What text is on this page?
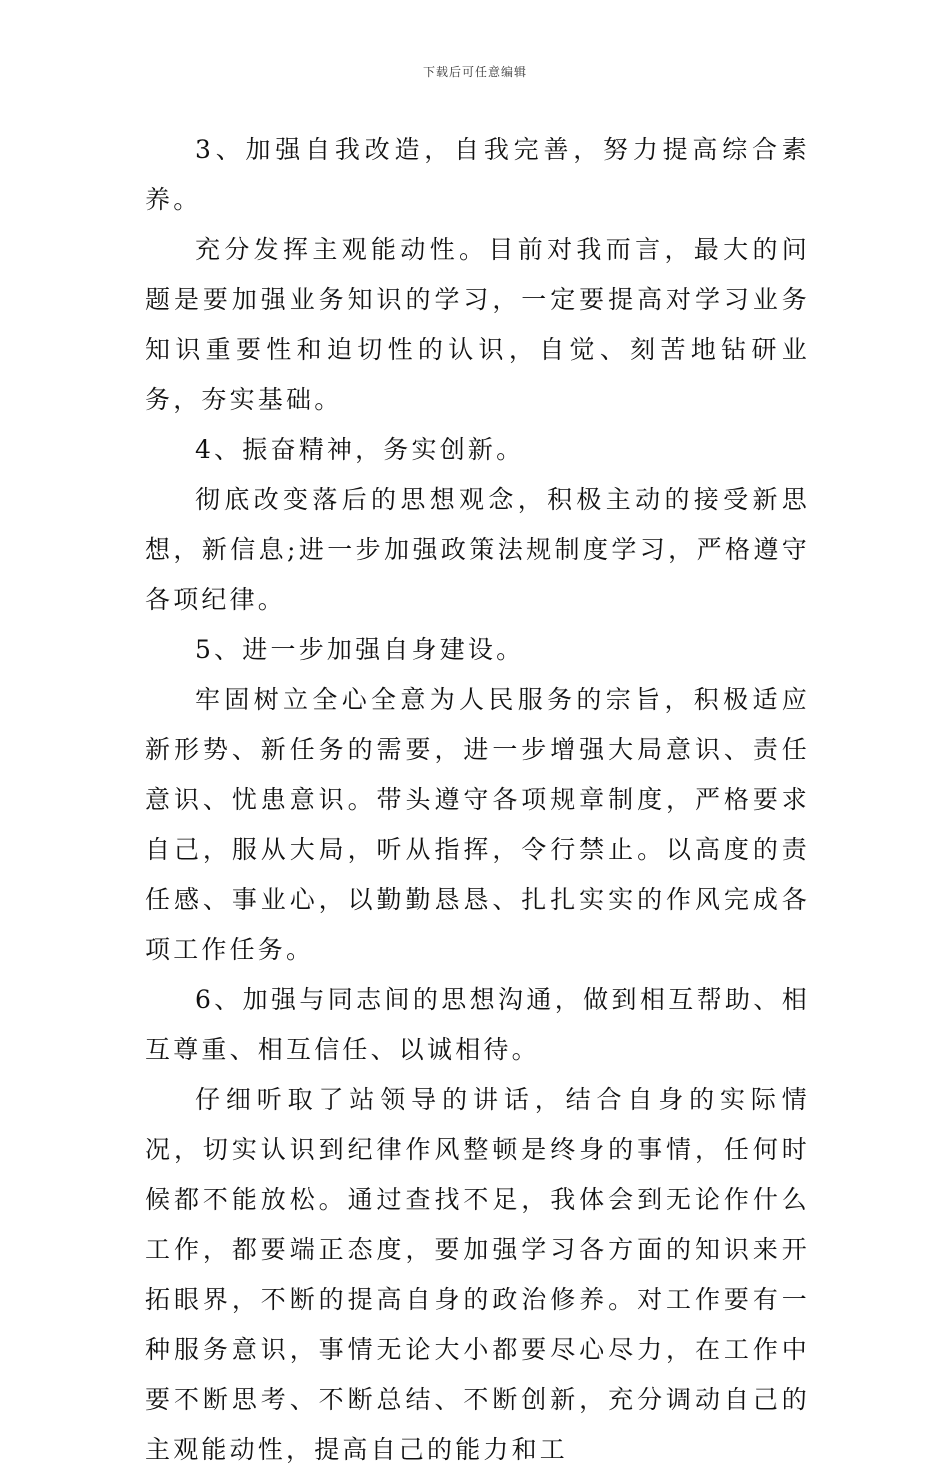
下载后可任意编辑

3、加强自我改造，自我完善，努力提高综合素养。

充分发挥主观能动性。目前对我而言，最大的问题是要加强业务知识的学习，一定要提高对学习业务知识重要性和迫切性的认识，自觉、刻苦地钻研业务，夯实基础。

4、振奋精神，务实创新。

彻底改变落后的思想观念，积极主动的接受新思想，新信息;进一步加强政策法规制度学习，严格遵守各项纪律。

5、进一步加强自身建设。

牢固树立全心全意为人民服务的宗旨，积极适应新形势、新任务的需要，进一步增强大局意识、责任意识、忧患意识。带头遵守各项规章制度，严格要求自己，服从大局，听从指挥，令行禁止。以高度的责任感、事业心，以勤勤恳恳、扎扎实实的作风完成各项工作任务。

6、加强与同志间的思想沟通，做到相互帮助、相互尊重、相互信任、以诚相待。

仔细听取了站领导的讲话，结合自身的实际情况，切实认识到纪律作风整顿是终身的事情，任何时候都不能放松。通过查找不足，我体会到无论作什么工作，都要端正态度，要加强学习各方面的知识来开拓眼界，不断的提高自身的政治修养。对工作要有一种服务意识，事情无论大小都要尽心尽力，在工作中要不断思考、不断总结、不断创新，充分调动自己的主观能动性，提高自己的能力和工
